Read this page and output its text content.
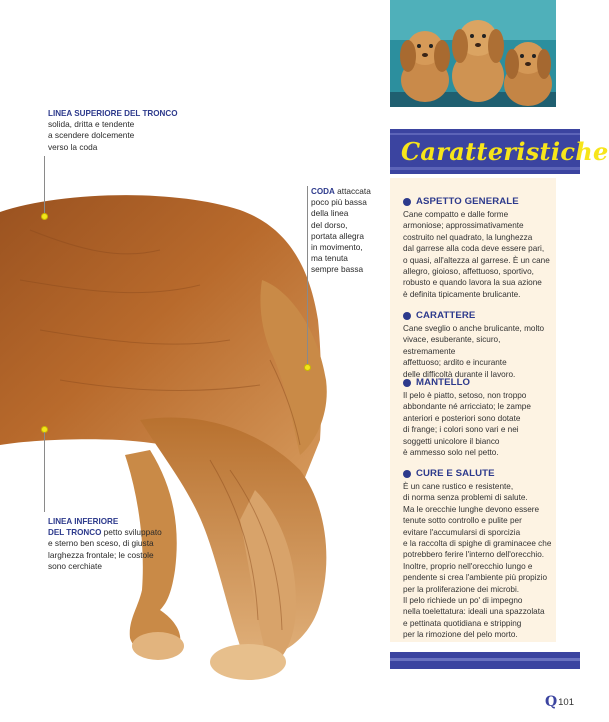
LINEA SUPERIORE DEL TRONCO
solida, dritta e tendente
a scendere dolcemente
verso la coda
CODA attaccata
poco più bassa
della linea
del dorso,
portata allegra
in movimento,
ma tenuta
sempre bassa
LINEA INFERIORE
DEL TRONCO petto sviluppato
e sterno ben sceso, di giusta
larghezza frontale; le costole
sono cerchiate
Caratteristiche
ASPETTO GENERALE

Cane compatto e dalle forme
armoniose; approssimativamente
costruito nel quadrato, la lunghezza
dal garrese alla coda deve essere pari,
o quasi, all'altezza al garrese. È un cane
allegro, gioioso, affettuoso, sportivo,
robusto e quando lavora la sua azione
è definita tipicamente brulicante.

CARATTERE

Cane sveglio o anche brulicante, molto
vivace, esuberante, sicuro, estremamente
affettuoso; ardito e incurante
delle difficoltà durante il lavoro.

MANTELLO

Il pelo è piatto, setoso, non troppo
abbondante né arricciato; le zampe
anteriori e posteriori sono dotate
di frange; i colori sono vari e nei
soggetti unicolore il bianco
è ammesso solo nel petto.

CURE E SALUTE

È un cane rustico e resistente,
di norma senza problemi di salute.
Ma le orecchie lunghe devono essere
tenute sotto controllo e pulite per
evitare l'accumularsi di sporcizia
e la raccolta di spighe di graminacee che
potrebbero ferire l'interno dell'orecchio.
Inoltre, proprio nell'orecchio lungo e
pendente si crea l'ambiente più propizio
per la proliferazione dei microbi.
Il pelo richiede un po' di impegno
nella toelettatura: ideali una spazzolata
e pettinata quotidiana e stripping
per la rimozione del pelo morto.

Q 101
